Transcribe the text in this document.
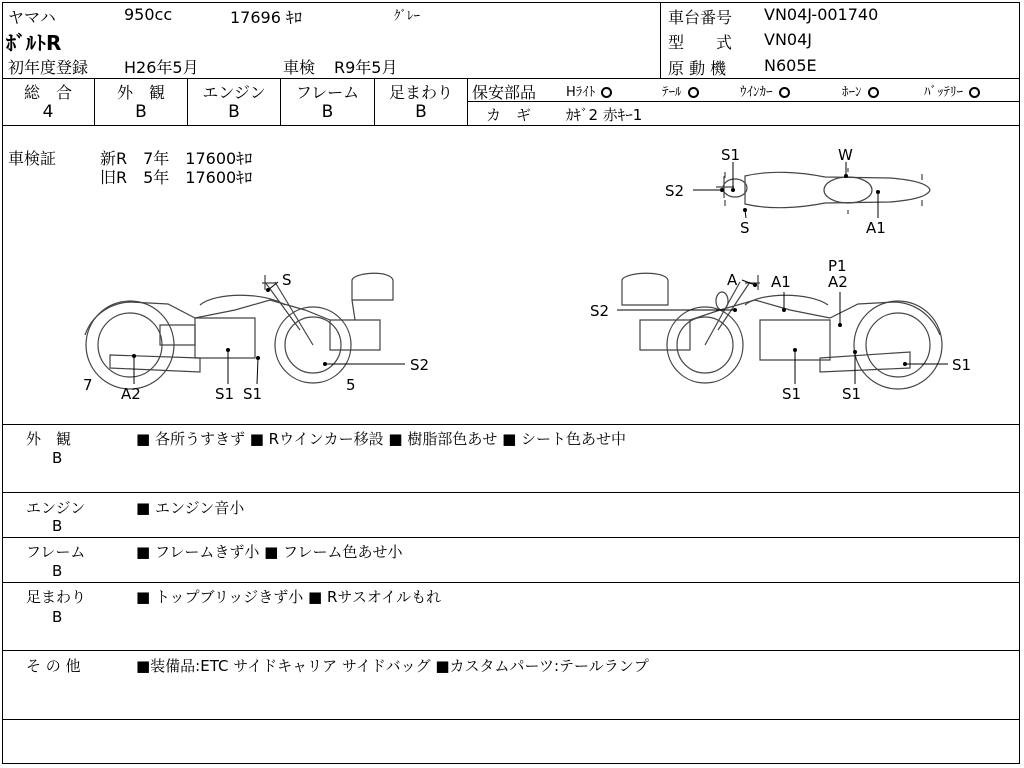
ヤマハ	950cc	17696 ｷﾛ	ｸﾞﾚｰ
ﾎﾞﾙﾄR
初年度登録 H26年5月	車検 R9年5月
車台番号 VN04J-001740
型　　式 VN04J
原 動 機 N605E
総　合
4
外　観
B
エンジン
B
フレーム
B
足まわり
B
保安部品 Hﾗｲﾄ	ﾃｰﾙ	ｳｲﾝｶｰ	ﾎｰﾝ	ﾊﾞｯﾃﾘｰ
カ　ギ ｶｷﾞ2 赤ｷｰ1
車検証	新R　7年　17600ｷﾛ
旧R　5年　17600ｷﾛ
S1	W
S2
S	A1
S
S2
7 A2	S1 S1	5
A A1
P1
A2
S2
S1	S1
S1
外　観
B
■ 各所うすきず ■ Rウインカー移設 ■ 樹脂部色あせ ■ シート色あせ中
エンジン
B
■ エンジン音小
フレーム
B
■ フレームきず小 ■ フレーム色あせ小
足まわり
B
■ トップブリッジきず小 ■ Rサスオイルもれ
そ の 他	■装備品:ETC サイドキャリア サイドバッグ ■カスタムパーツ:テールランプ
